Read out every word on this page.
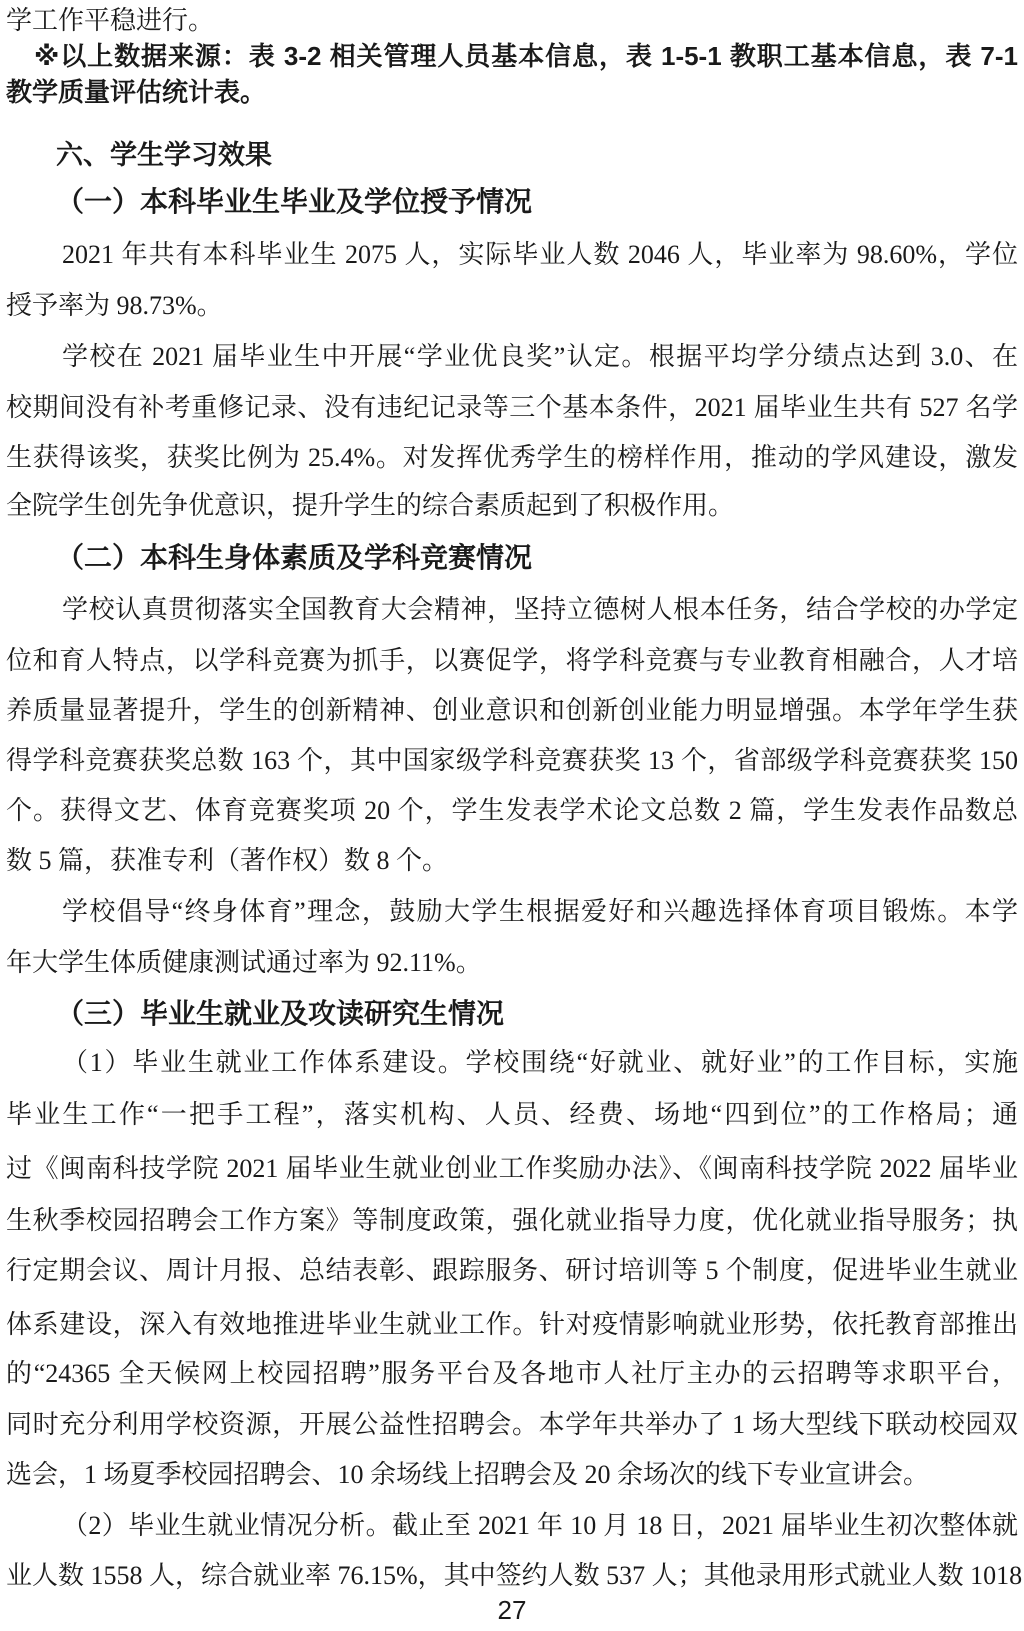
27
学工作平稳进行。
※以上数据来源：表 3-2 相关管理人员基本信息，表 1-5-1 教职工基本信息，表 7-1
教学质量评估统计表。
六、学生学习效果
（一）本科毕业生毕业及学位授予情况
2021 年共有本科毕业生 2075 人，实际毕业人数 2046 人，毕业率为 98.60%，学位
授予率为 98.73%。
学校在 2021 届毕业生中开展“学业优良奖”认定。根据平均学分绩点达到 3.0、在
校期间没有补考重修记录、没有违纪记录等三个基本条件，2021 届毕业生共有 527 名学
生获得该奖，获奖比例为 25.4%。对发挥优秀学生的榜样作用，推动的学风建设，激发
全院学生创先争优意识，提升学生的综合素质起到了积极作用。
（二）本科生身体素质及学科竞赛情况
学校认真贯彻落实全国教育大会精神，坚持立德树人根本任务，结合学校的办学定
位和育人特点，以学科竞赛为抓手，以赛促学，将学科竞赛与专业教育相融合，人才培
养质量显著提升，学生的创新精神、创业意识和创新创业能力明显增强。本学年学生获
得学科竞赛获奖总数 163 个，其中国家级学科竞赛获奖 13 个，省部级学科竞赛获奖 150
个。获得文艺、体育竞赛奖项 20 个，学生发表学术论文总数 2 篇，学生发表作品数总
数 5 篇，获准专利（著作权）数 8 个。
学校倡导“终身体育”理念，鼓励大学生根据爱好和兴趣选择体育项目锻炼。本学
年大学生体质健康测试通过率为 92.11%。
（三）毕业生就业及攻读研究生情况
（1）毕业生就业工作体系建设。学校围绕“好就业、就好业”的工作目标，实施
毕业生工作“一把手工程”，落实机构、人员、经费、场地“四到位”的工作格局；通
过《闽南科技学院 2021 届毕业生就业创业工作奖励办法》、《闽南科技学院 2022 届毕业
生秋季校园招聘会工作方案》等制度政策，强化就业指导力度，优化就业指导服务；执
行定期会议、周计月报、总结表彰、跟踪服务、研讨培训等 5 个制度，促进毕业生就业
体系建设，深入有效地推进毕业生就业工作。针对疫情影响就业形势，依托教育部推出
的“24365 全天候网上校园招聘”服务平台及各地市人社厅主办的云招聘等求职平台，
同时充分利用学校资源，开展公益性招聘会。本学年共举办了 1 场大型线下联动校园双
选会，1 场夏季校园招聘会、10 余场线上招聘会及 20 余场次的线下专业宣讲会。
（2）毕业生就业情况分析。截止至 2021 年 10 月 18 日，2021 届毕业生初次整体就
业人数 1558 人，综合就业率 76.15%，其中签约人数 537 人；其他录用形式就业人数 1018
